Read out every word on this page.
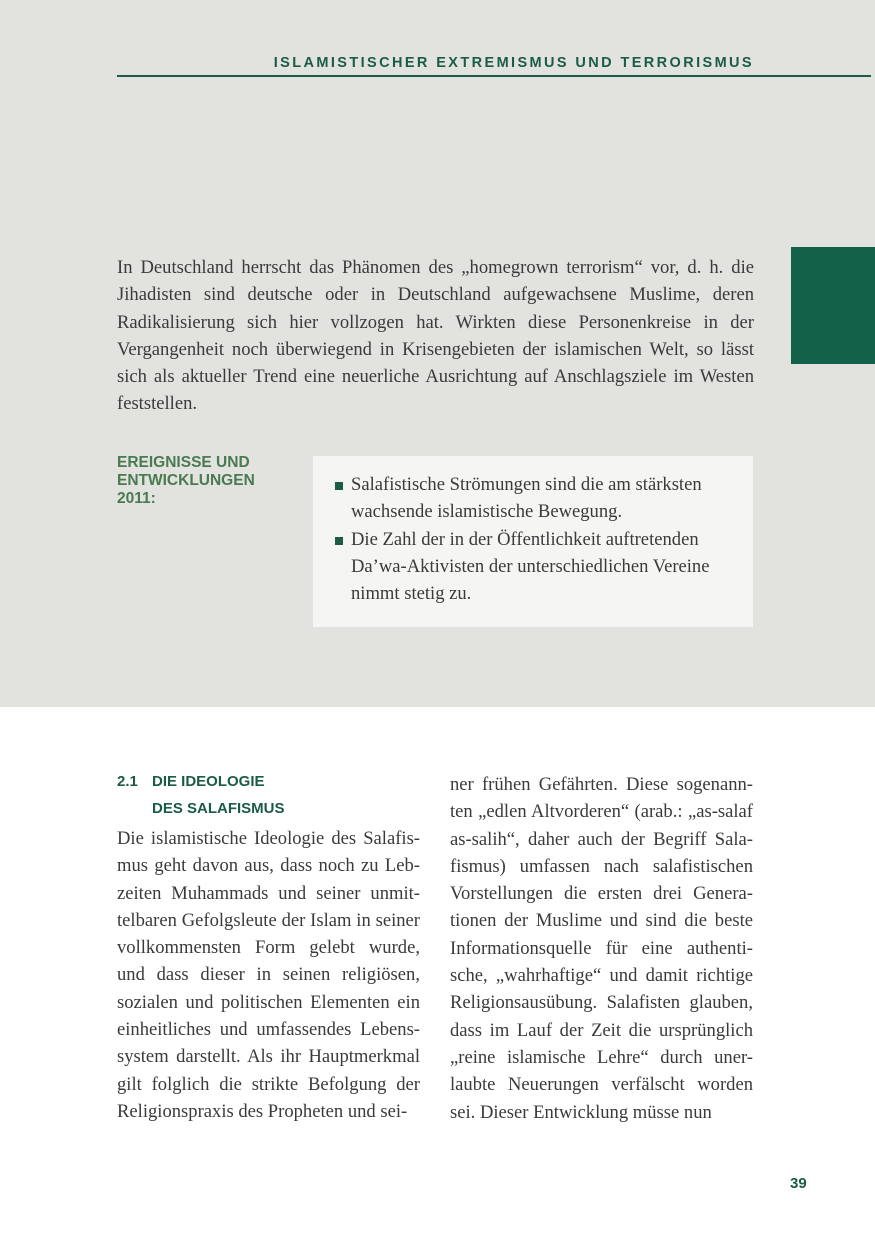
ISLAMISTISCHER EXTREMISMUS UND TERRORISMUS

In Deutschland herrscht das Phänomen des „homegrown terrorism“ vor, d. h. die Jihadisten sind deutsche oder in Deutschland aufgewachsene Muslime, deren Radikalisierung sich hier vollzogen hat. Wirkten diese Personenkreise in der Vergangenheit noch überwiegend in Krisengebieten der islamischen Welt, so lässt sich als aktueller Trend eine neuerliche Ausrichtung auf Anschlagsziele im Westen feststellen.

EREIGNISSE UND
ENTWICKLUNGEN
2011:
Salafistische Strömungen sind die am stärksten wachsende islamistische Bewegung.
Die Zahl der in der Öffentlichkeit auftretenden Da’wa-Aktivisten der unterschiedlichen Vereine nimmt stetig zu.
2.1 DIE IDEOLOGIE
DES SALAFISMUS
Die islamistische Ideologie des Salafis-
mus geht davon aus, dass noch zu Leb-
zeiten Muhammads und seiner unmit-
telbaren Gefolgsleute der Islam in seiner
vollkommensten Form gelebt wurde,
und dass dieser in seinen religiösen,
sozialen und politischen Elementen ein
einheitliches und umfassendes Lebens-
system darstellt. Als ihr Hauptmerkmal
gilt folglich die strikte Befolgung der
Religionspraxis des Propheten und sei-
ner frühen Gefährten. Diese sogenann-
ten „edlen Altvorderen“ (arab.: „as-salaf
as-salih“, daher auch der Begriff Sala-
fismus) umfassen nach salafistischen
Vorstellungen die ersten drei Genera-
tionen der Muslime und sind die beste
Informationsquelle für eine authenti-
sche, „wahrhaftige“ und damit richtige
Religionsausübung. Salafisten glauben,
dass im Lauf der Zeit die ursprünglich
„reine islamische Lehre“ durch uner-
laubte Neuerungen verfälscht worden
sei. Dieser Entwicklung müsse nun
39
